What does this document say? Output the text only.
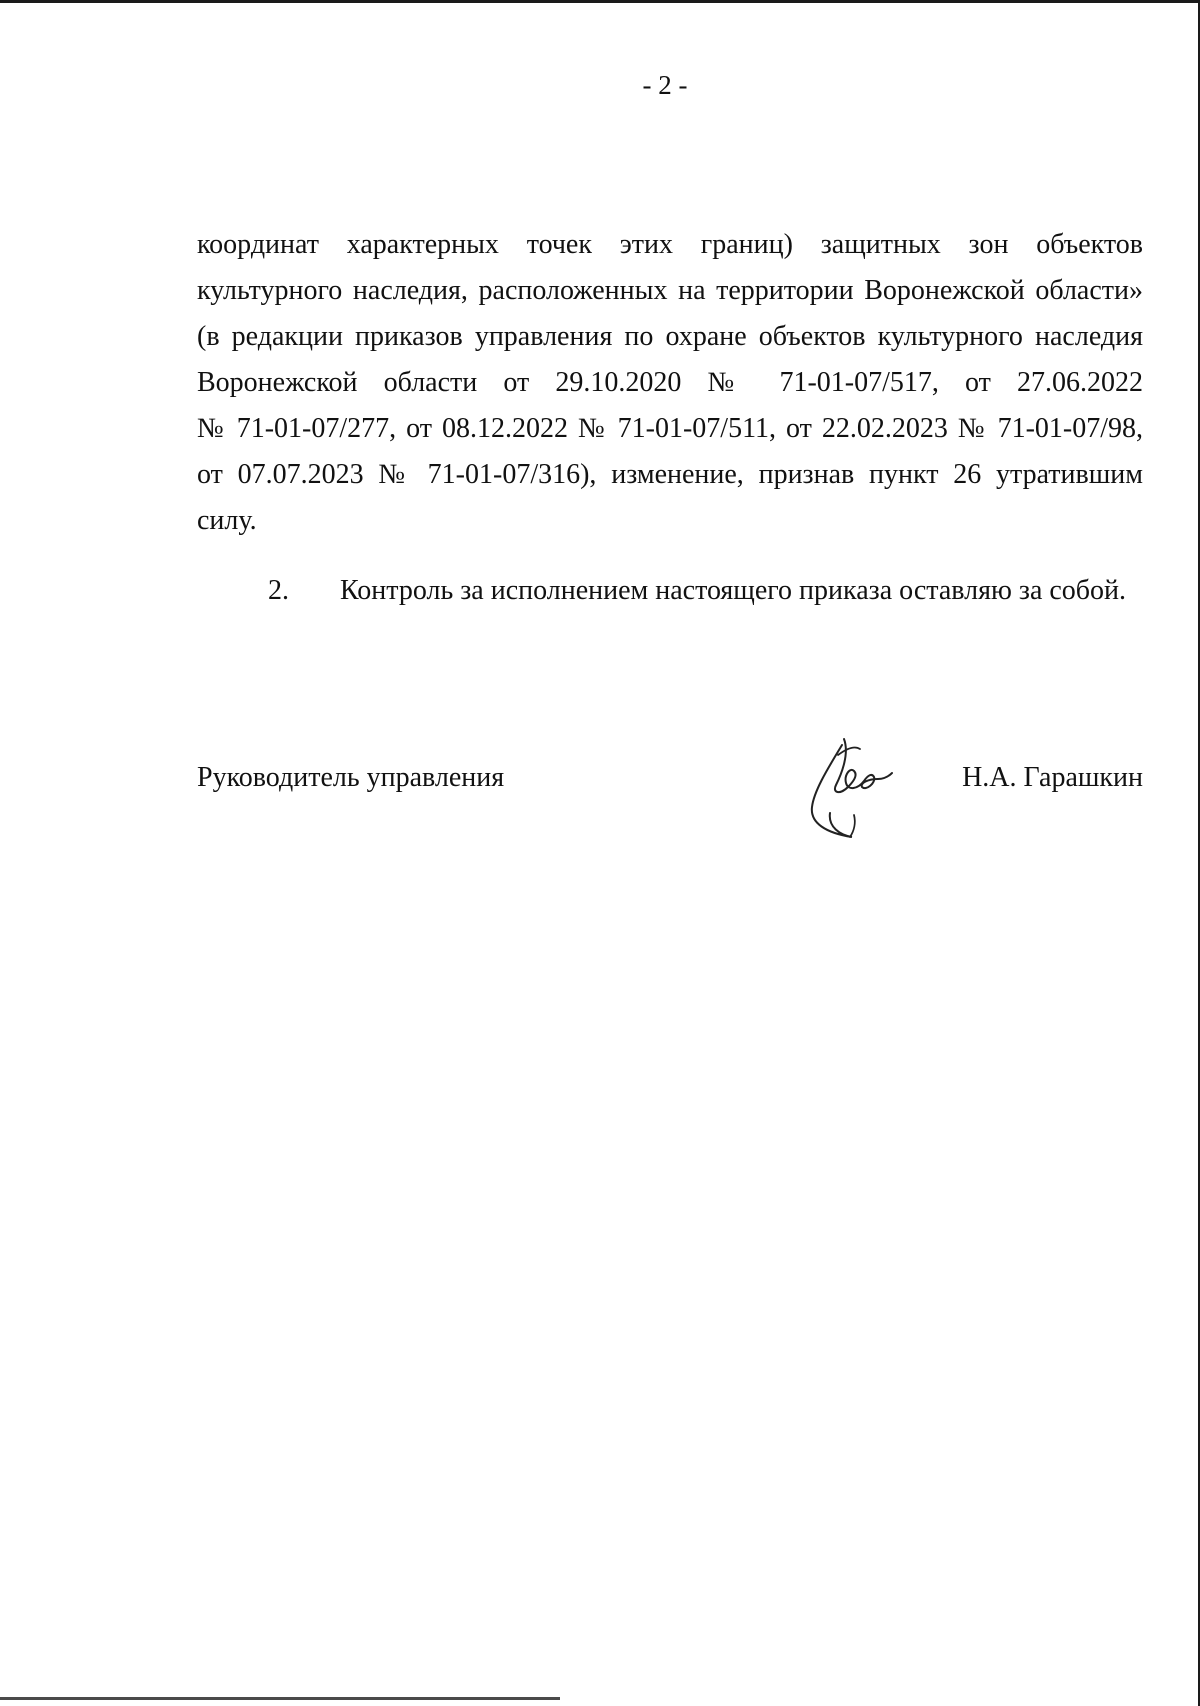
- 2 -

координат характерных точек этих границ) защитных зон объектов

культурного наследия, расположенных на территории Воронежской области»

(в редакции приказов управления по охране объектов культурного наследия

Воронежской области от 29.10.2020 № 71-01-07/517, от 27.06.2022

№ 71-01-07/277, от 08.12.2022 № 71-01-07/511, от 22.02.2023 № 71-01-07/98,

от 07.07.2023 № 71-01-07/316), изменение, признав пункт 26 утратившим

силу.

2. Контроль за исполнением настоящего приказа оставляю за собой.
Руководитель управления	Н.А. Гарашкин
